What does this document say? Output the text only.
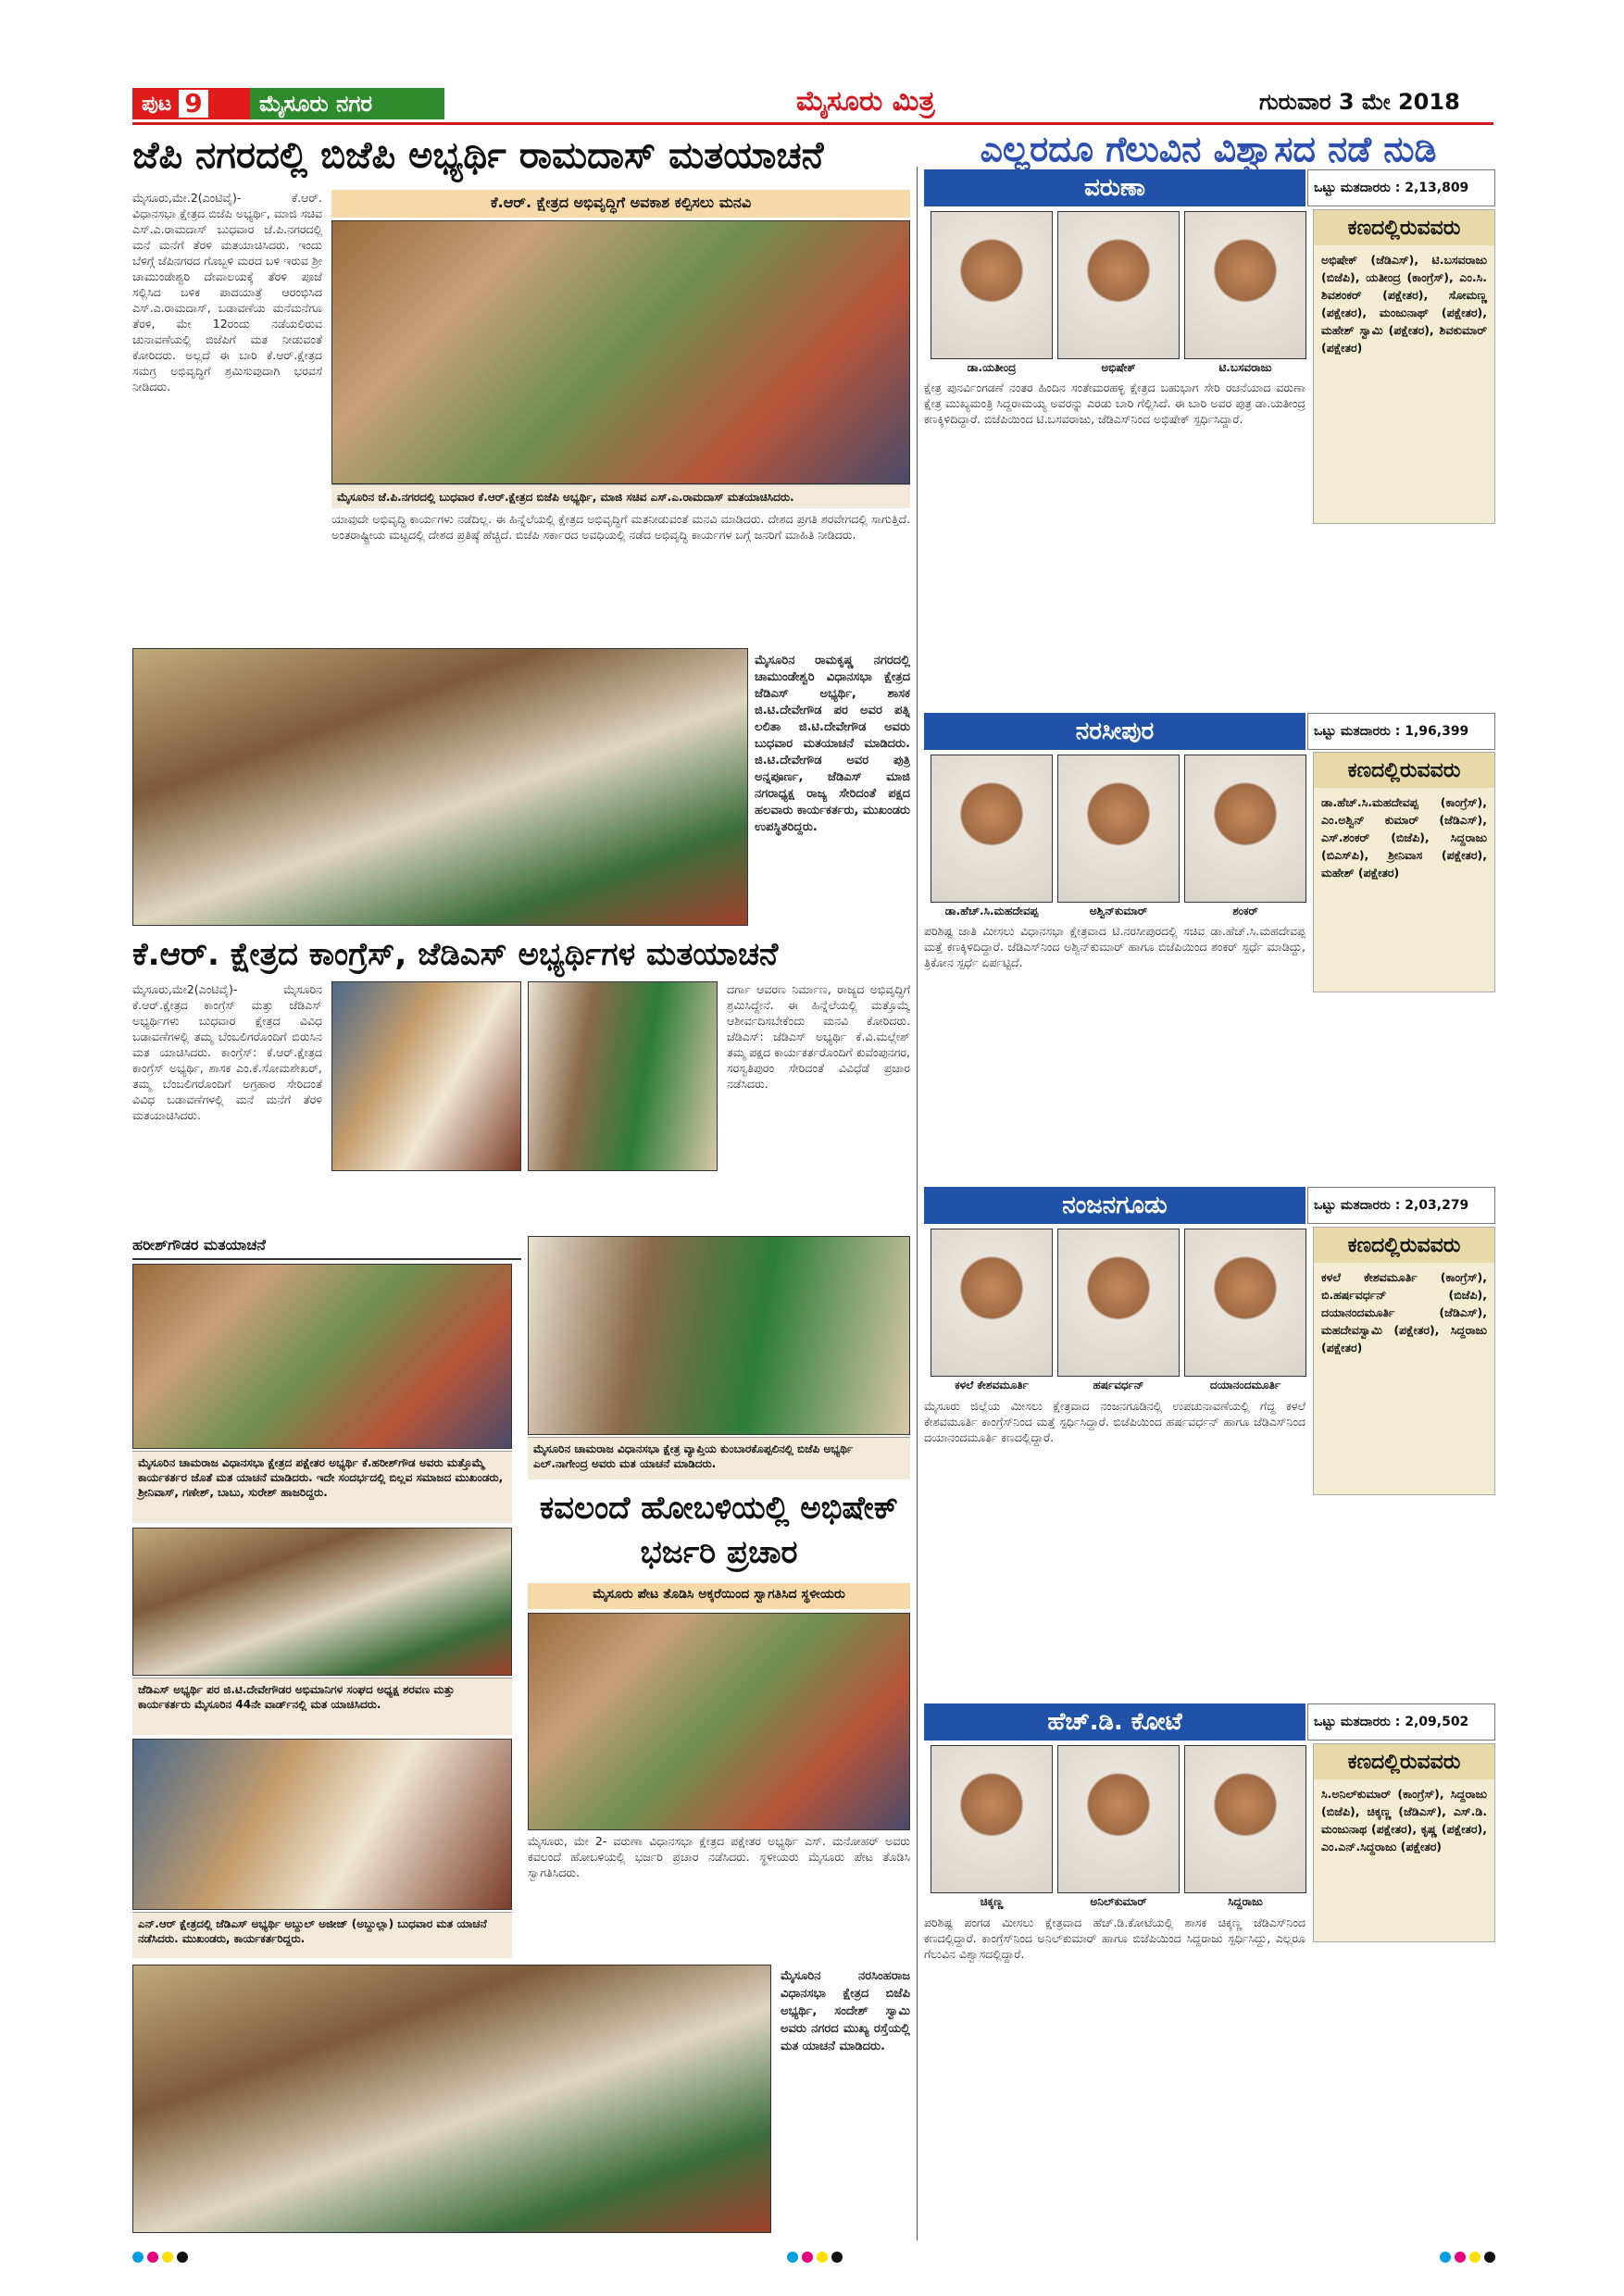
ಪುಟ 9	ಮೈಸೂರು ನಗರ	ಮೈಸೂರು ಮಿತ್ರ	ಗುರುವಾರ 3 ಮೇ 2018
ಜೆಪಿ ನಗರದಲ್ಲಿ ಬಿಜೆಪಿ ಅಭ್ಯರ್ಥಿ ರಾಮದಾಸ್ ಮತಯಾಚನೆ	ಎಲ್ಲರದೂ ಗೆಲುವಿನ ವಿಶ್ವಾಸದ ನಡೆ ನುಡಿ
ಮೈಸೂರು,ಮೇ.2(ಎಂಟಿವೈ)- ಕೆ.ಆರ್. ವಿಧಾನಸಭಾ ಕ್ಷೇತ್ರದ ಬಿಜೆಪಿ ಅಭ್ಯರ್ಥಿ, ಮಾಜಿ ಸಚಿವ ಎಸ್.ಎ.ರಾಮದಾಸ್ ಬುಧವಾರ ಜೆ.ಪಿ.ನಗರದಲ್ಲಿ ಮನೆ ಮನೆಗೆ ತೆರಳಿ ಮತಯಾಚಿಸಿದರು. ಇಂದು ಬೆಳಿಗ್ಗೆ ಜೆಪಿನಗರದ ಗೊಬ್ಬಳಿ ಮರದ ಬಳಿ ಇರುವ ಶ್ರೀ ಚಾಮುಂಡೇಶ್ವರಿ ದೇವಾಲಯಕ್ಕೆ ತೆರಳಿ ಪೂಜೆ ಸಲ್ಲಿಸಿದ ಬಳಿಕ ಪಾದಯಾತ್ರೆ ಆರಂಭಿಸಿದ ಎಸ್.ಎ.ರಾಮದಾಸ್, ಬಡಾವಣೆಯ ಮನೆಮನೆಗೂ ತೆರಳಿ, ಮೇ 12ರಂದು ನಡೆಯಲಿರುವ ಚುನಾವಣೆಯಲ್ಲಿ ಬಿಜೆಪಿಗೆ ಮತ ನೀಡುವಂತೆ ಕೋರಿದರು. ಅಲ್ಲದೆ ಈ ಬಾರಿ ಕೆ.ಆರ್.ಕ್ಷೇತ್ರದ ಸಮಗ್ರ ಅಭಿವೃದ್ಧಿಗೆ ಶ್ರಮಿಸುವುದಾಗಿ ಭರವಸೆ ನೀಡಿದರು.
ಕೆ.ಆರ್. ಕ್ಷೇತ್ರದ ಅಭಿವೃದ್ಧಿಗೆ ಅವಕಾಶ ಕಲ್ಪಿಸಲು ಮನವಿ
ಮೈಸೂರಿನ ಜೆ.ಪಿ.ನಗರದಲ್ಲಿ ಬುಧವಾರ ಕೆ.ಆರ್.ಕ್ಷೇತ್ರದ ಬಿಜೆಪಿ ಅಭ್ಯರ್ಥಿ, ಮಾಜಿ ಸಚಿವ ಎಸ್.ಎ.ರಾಮದಾಸ್ ಮತಯಾಚಿಸಿದರು.
ಯಾವುದೇ ಅಭಿವೃದ್ಧಿ ಕಾರ್ಯಗಳು ನಡೆದಿಲ್ಲ. ಈ ಹಿನ್ನೆಲೆಯಲ್ಲಿ ಕ್ಷೇತ್ರದ ಅಭಿವೃದ್ಧಿಗೆ ಮತನೀಡುವಂತೆ ಮನವಿ ಮಾಡಿದರು. ದೇಶದ ಪ್ರಗತಿ ಶರವೇಗದಲ್ಲಿ ಸಾಗುತ್ತಿದೆ. ಅಂತರಾಷ್ಟ್ರೀಯ ಮಟ್ಟದಲ್ಲಿ ದೇಶದ ಪ್ರತಿಷ್ಠೆ ಹೆಚ್ಚಿದೆ. ಬಿಜೆಪಿ ಸರ್ಕಾರದ ಅವಧಿಯಲ್ಲಿ ನಡೆದ ಅಭಿವೃದ್ಧಿ ಕಾರ್ಯಗಳ ಬಗ್ಗೆ ಜನರಿಗೆ ಮಾಹಿತಿ ನೀಡಿದರು.
ಮೈಸೂರಿನ ರಾಮಕೃಷ್ಣ ನಗರದಲ್ಲಿ ಚಾಮುಂಡೇಶ್ವರಿ ವಿಧಾನಸಭಾ ಕ್ಷೇತ್ರದ ಜೆಡಿಎಸ್ ಅಭ್ಯರ್ಥಿ, ಶಾಸಕ ಜಿ.ಟಿ.ದೇವೇಗೌಡ ಪರ ಅವರ ಪತ್ನಿ ಲಲಿತಾ ಜಿ.ಟಿ.ದೇವೇಗೌಡ ಅವರು ಬುಧವಾರ ಮತಯಾಚನೆ ಮಾಡಿದರು. ಜಿ.ಟಿ.ದೇವೇಗೌಡ ಅವರ ಪುತ್ರಿ ಅನ್ನಪೂರ್ಣ, ಜೆಡಿಎಸ್ ಮಾಜಿ ನಗರಾಧ್ಯಕ್ಷ ರಾಜ್ಯ ಸೇರಿದಂತೆ ಪಕ್ಷದ ಹಲವಾರು ಕಾರ್ಯಕರ್ತರು, ಮುಖಂಡರು ಉಪಸ್ಥಿತರಿದ್ದರು.
ಕೆ.ಆರ್. ಕ್ಷೇತ್ರದ ಕಾಂಗ್ರೆಸ್, ಜೆಡಿಎಸ್ ಅಭ್ಯರ್ಥಿಗಳ ಮತಯಾಚನೆ
ಮೈಸೂರು,ಮೇ2(ಎಂಟಿವೈ)- ಮೈಸೂರಿನ ಕೆ.ಆರ್.ಕ್ಷೇತ್ರದ ಕಾಂಗ್ರೆಸ್ ಮತ್ತು ಜೆಡಿಎಸ್ ಅಭ್ಯರ್ಥಿಗಳು ಬುಧವಾರ ಕ್ಷೇತ್ರದ ವಿವಿಧ ಬಡಾವಣೆಗಳಲ್ಲಿ ತಮ್ಮ ಬೆಂಬಲಿಗರೊಂದಿಗೆ ಬಿರುಸಿನ ಮತ ಯಾಚಿಸಿದರು. ಕಾಂಗ್ರೆಸ್: ಕೆ.ಆರ್.ಕ್ಷೇತ್ರದ ಕಾಂಗ್ರೆಸ್ ಅಭ್ಯರ್ಥಿ, ಶಾಸಕ ಎಂ.ಕೆ.ಸೋಮಶೇಖರ್, ತಮ್ಮ ಬೆಂಬಲಿಗರೊಂದಿಗೆ ಅಗ್ರಹಾರ ಸೇರಿದಂತೆ ವಿವಿಧ ಬಡಾವಣೆಗಳಲ್ಲಿ ಮನೆ ಮನೆಗೆ ತೆರಳಿ ಮತಯಾಚಿಸಿದರು.
ದರ್ಗಾ ಆವರಣ ನಿರ್ಮಾಣ, ರಾಜ್ಯದ ಅಭಿವೃದ್ಧಿಗೆ ಶ್ರಮಿಸಿದ್ದೇನೆ. ಈ ಹಿನ್ನೆಲೆಯಲ್ಲಿ ಮತ್ತೊಮ್ಮೆ ಆಶೀರ್ವದಿಸಬೇಕೆಂದು ಮನವಿ ಕೋರಿದರು. ಜೆಡಿಎಸ್: ಜೆಡಿಎಸ್ ಅಭ್ಯರ್ಥಿ ಕೆ.ವಿ.ಮಲ್ಲೇಶ್ ತಮ್ಮ ಪಕ್ಷದ ಕಾರ್ಯಕರ್ತರೊಂದಿಗೆ ಕುವೆಂಪುನಗರ, ಸರಸ್ವತಿಪುರಂ ಸೇರಿದಂತೆ ವಿವಿಧೆಡೆ ಪ್ರಚಾರ ನಡೆಸಿದರು.
ಹರೀಶ್‌ಗೌಡರ ಮತಯಾಚನೆ
ಮೈಸೂರಿನ ಚಾಮರಾಜ ವಿಧಾನಸಭಾ ಕ್ಷೇತ್ರದ ಪಕ್ಷೇತರ ಅಭ್ಯರ್ಥಿ ಕೆ.ಹರೀಶ್‌ಗೌಡ ಅವರು ಮತ್ತೊಮ್ಮೆ ಕಾರ್ಯಕರ್ತರ ಜೊತೆ ಮತ ಯಾಚನೆ ಮಾಡಿದರು. ಇದೇ ಸಂದರ್ಭದಲ್ಲಿ ಬಿಲ್ಲವ ಸಮಾಜದ ಮುಖಂಡರು, ಶ್ರೀನಿವಾಸ್, ಗಣೇಶ್, ಬಾಬು, ಸುರೇಶ್ ಹಾಜರಿದ್ದರು.
ಜೆಡಿಎಸ್ ಅಭ್ಯರ್ಥಿ ಪರ ಜಿ.ಟಿ.ದೇವೇಗೌಡರ ಅಭಿಮಾನಿಗಳ ಸಂಘದ ಅಧ್ಯಕ್ಷ ಶರವಣ ಮತ್ತು ಕಾರ್ಯಕರ್ತರು ಮೈಸೂರಿನ 44ನೇ ವಾರ್ಡ್‌ನಲ್ಲಿ ಮತ ಯಾಚಿಸಿದರು.
ಎನ್.ಆರ್ ಕ್ಷೇತ್ರದಲ್ಲಿ ಜೆಡಿಎಸ್ ಅಭ್ಯರ್ಥಿ ಅಬ್ದುಲ್ ಅಜೀಜ್ (ಅಬ್ದುಲ್ಲಾ) ಬುಧವಾರ ಮತ ಯಾಚನೆ ನಡೆಸಿದರು. ಮುಖಂಡರು, ಕಾರ್ಯಕರ್ತರಿದ್ದರು.
ಮೈಸೂರಿನ ಚಾಮರಾಜ ವಿಧಾನಸಭಾ ಕ್ಷೇತ್ರ ವ್ಯಾಪ್ತಿಯ ಕುಂಬಾರಕೊಪ್ಪಲಿನಲ್ಲಿ ಬಿಜೆಪಿ ಅಭ್ಯರ್ಥಿ ಎಲ್.ನಾಗೇಂದ್ರ ಅವರು ಮತ ಯಾಚನೆ ಮಾಡಿದರು.
ಕವಲಂದೆ ಹೋಬಳಿಯಲ್ಲಿ ಅಭಿಷೇಕ್ ಭರ್ಜರಿ ಪ್ರಚಾರ
ಮೈಸೂರು ಪೇಟ ತೊಡಿಸಿ ಅಕ್ಕರೆಯಿಂದ ಸ್ವಾಗತಿಸಿದ ಸ್ಥಳೀಯರು
ಮೈಸೂರು, ಮೇ 2- ವರುಣಾ ವಿಧಾನಸಭಾ ಕ್ಷೇತ್ರದ ಪಕ್ಷೇತರ ಅಭ್ಯರ್ಥಿ ಎಸ್. ಮನೋಹರ್ ಅವರು ಕವಲಂದೆ ಹೋಬಳಿಯಲ್ಲಿ ಭರ್ಜರಿ ಪ್ರಚಾರ ನಡೆಸಿದರು. ಸ್ಥಳೀಯರು ಮೈಸೂರು ಪೇಟ ತೊಡಿಸಿ ಸ್ವಾಗತಿಸಿದರು.
ಮೈಸೂರಿನ ನರಸಿಂಹರಾಜ ವಿಧಾನಸಭಾ ಕ್ಷೇತ್ರದ ಬಿಜೆಪಿ ಅಭ್ಯರ್ಥಿ, ಸಂದೇಶ್ ಸ್ವಾಮಿ ಅವರು ನಗರದ ಮುಖ್ಯ ರಸ್ತೆಯಲ್ಲಿ ಮತ ಯಾಚನೆ ಮಾಡಿದರು.
ವರುಣಾ	ಒಟ್ಟು ಮತದಾರರು : 2,13,809
ಡಾ.ಯತೀಂದ್ರ	ಅಭಿಷೇಕ್	ಟಿ.ಬಸವರಾಜು
ಕಣದಲ್ಲಿರುವವರು
ಅಭಿಷೇಕ್ (ಜೆಡಿಎಸ್), ಟಿ.ಬಸವರಾಜು (ಬಿಜೆಪಿ), ಯತೀಂದ್ರ (ಕಾಂಗ್ರೆಸ್), ಎಂ.ಸಿ. ಶಿವಶಂಕರ್ (ಪಕ್ಷೇತರ), ಸೋಮಣ್ಣ (ಪಕ್ಷೇತರ), ಮಂಜುನಾಥ್ (ಪಕ್ಷೇತರ), ಮಹೇಶ್ ಸ್ವಾಮಿ (ಪಕ್ಷೇತರ), ಶಿವಕುಮಾರ್ (ಪಕ್ಷೇತರ)
ಕ್ಷೇತ್ರ ಪುನರ್ವಿಂಗಡಣೆ ನಂತರ ಹಿಂದಿನ ಸಂತೇಮರಹಳ್ಳಿ ಕ್ಷೇತ್ರದ ಬಹುಭಾಗ ಸೇರಿ ರಚನೆಯಾದ ವರುಣಾ ಕ್ಷೇತ್ರ ಮುಖ್ಯಮಂತ್ರಿ ಸಿದ್ದರಾಮಯ್ಯ ಅವರನ್ನು ಎರಡು ಬಾರಿ ಗೆಲ್ಲಿಸಿದೆ. ಈ ಬಾರಿ ಅವರ ಪುತ್ರ ಡಾ.ಯತೀಂದ್ರ ಕಣಕ್ಕಿಳಿದಿದ್ದಾರೆ. ಬಿಜೆಪಿಯಿಂದ ಟಿ.ಬಸವರಾಜು, ಜೆಡಿಎಸ್‌ನಿಂದ ಅಭಿಷೇಕ್ ಸ್ಪರ್ಧಿಸಿದ್ದಾರೆ.
ನರಸೀಪುರ	ಒಟ್ಟು ಮತದಾರರು : 1,96,399
ಡಾ.ಹೆಚ್.ಸಿ.ಮಹದೇವಪ್ಪ	ಅಶ್ವಿನ್‌ಕುಮಾರ್	ಶಂಕರ್
ಕಣದಲ್ಲಿರುವವರು
ಡಾ.ಹೆಚ್.ಸಿ.ಮಹದೇವಪ್ಪ (ಕಾಂಗ್ರೆಸ್), ಎಂ.ಅಶ್ವಿನ್ ಕುಮಾರ್ (ಜೆಡಿಎಸ್), ಎಸ್.ಶಂಕರ್ (ಬಿಜೆಪಿ), ಸಿದ್ದರಾಜು (ಬಿಎಸ್‌ಪಿ), ಶ್ರೀನಿವಾಸ (ಪಕ್ಷೇತರ), ಮಹೇಶ್ (ಪಕ್ಷೇತರ)
ಪರಿಶಿಷ್ಟ ಜಾತಿ ಮೀಸಲು ವಿಧಾನಸಭಾ ಕ್ಷೇತ್ರವಾದ ಟಿ.ನರಸೀಪುರದಲ್ಲಿ ಸಚಿವ ಡಾ.ಹೆಚ್.ಸಿ.ಮಹದೇವಪ್ಪ ಮತ್ತೆ ಕಣಕ್ಕಿಳಿದಿದ್ದಾರೆ. ಜೆಡಿಎಸ್‌ನಿಂದ ಅಶ್ವಿನ್‌ಕುಮಾರ್ ಹಾಗೂ ಬಿಜೆಪಿಯಿಂದ ಶಂಕರ್ ಸ್ಪರ್ಧೆ ಮಾಡಿದ್ದು, ತ್ರಿಕೋನ ಸ್ಪರ್ಧೆ ಏರ್ಪಟ್ಟಿದೆ.
ನಂಜನಗೂಡು	ಒಟ್ಟು ಮತದಾರರು : 2,03,279
ಕಳಲೆ ಕೇಶವಮೂರ್ತಿ	ಹರ್ಷವರ್ಧನ್	ದಯಾನಂದಮೂರ್ತಿ
ಕಣದಲ್ಲಿರುವವರು
ಕಳಲೆ ಕೇಶವಮೂರ್ತಿ (ಕಾಂಗ್ರೆಸ್), ಬಿ.ಹರ್ಷವರ್ಧನ್ (ಬಿಜೆಪಿ), ದಯಾನಂದಮೂರ್ತಿ (ಜೆಡಿಎಸ್), ಮಹದೇವಸ್ವಾಮಿ (ಪಕ್ಷೇತರ), ಸಿದ್ದರಾಜು (ಪಕ್ಷೇತರ)
ಮೈಸೂರು ಜಿಲ್ಲೆಯ ಮೀಸಲು ಕ್ಷೇತ್ರವಾದ ನಂಜನಗೂಡಿನಲ್ಲಿ ಉಪಚುನಾವಣೆಯಲ್ಲಿ ಗೆದ್ದ ಕಳಲೆ ಕೇಶವಮೂರ್ತಿ ಕಾಂಗ್ರೆಸ್‌ನಿಂದ ಮತ್ತೆ ಸ್ಪರ್ಧಿಸಿದ್ದಾರೆ. ಬಿಜೆಪಿಯಿಂದ ಹರ್ಷವರ್ಧನ್ ಹಾಗೂ ಜೆಡಿಎಸ್‌ನಿಂದ ದಯಾನಂದಮೂರ್ತಿ ಕಣದಲ್ಲಿದ್ದಾರೆ.
ಹೆಚ್.ಡಿ. ಕೋಟೆ	ಒಟ್ಟು ಮತದಾರರು : 2,09,502
ಚಿಕ್ಕಣ್ಣ	ಅನಿಲ್‌ಕುಮಾರ್	ಸಿದ್ದರಾಜು
ಕಣದಲ್ಲಿರುವವರು
ಸಿ.ಅನಿಲ್‌ಕುಮಾರ್ (ಕಾಂಗ್ರೆಸ್), ಸಿದ್ದರಾಜು (ಬಿಜೆಪಿ), ಚಿಕ್ಕಣ್ಣ (ಜೆಡಿಎಸ್), ಎಸ್.ಡಿ. ಮಂಜುನಾಥ (ಪಕ್ಷೇತರ), ಕೃಷ್ಣ (ಪಕ್ಷೇತರ), ಎಂ.ಎನ್.ಸಿದ್ದರಾಜು (ಪಕ್ಷೇತರ)
ಪರಿಶಿಷ್ಟ ಪಂಗಡ ಮೀಸಲು ಕ್ಷೇತ್ರವಾದ ಹೆಚ್.ಡಿ.ಕೋಟೆಯಲ್ಲಿ ಶಾಸಕ ಚಿಕ್ಕಣ್ಣ ಜೆಡಿಎಸ್‌ನಿಂದ ಕಣದಲ್ಲಿದ್ದಾರೆ. ಕಾಂಗ್ರೆಸ್‌ನಿಂದ ಅನಿಲ್‌ಕುಮಾರ್ ಹಾಗೂ ಬಿಜೆಪಿಯಿಂದ ಸಿದ್ದರಾಜು ಸ್ಪರ್ಧಿಸಿದ್ದು, ಎಲ್ಲರೂ ಗೆಲುವಿನ ವಿಶ್ವಾಸದಲ್ಲಿದ್ದಾರೆ.
